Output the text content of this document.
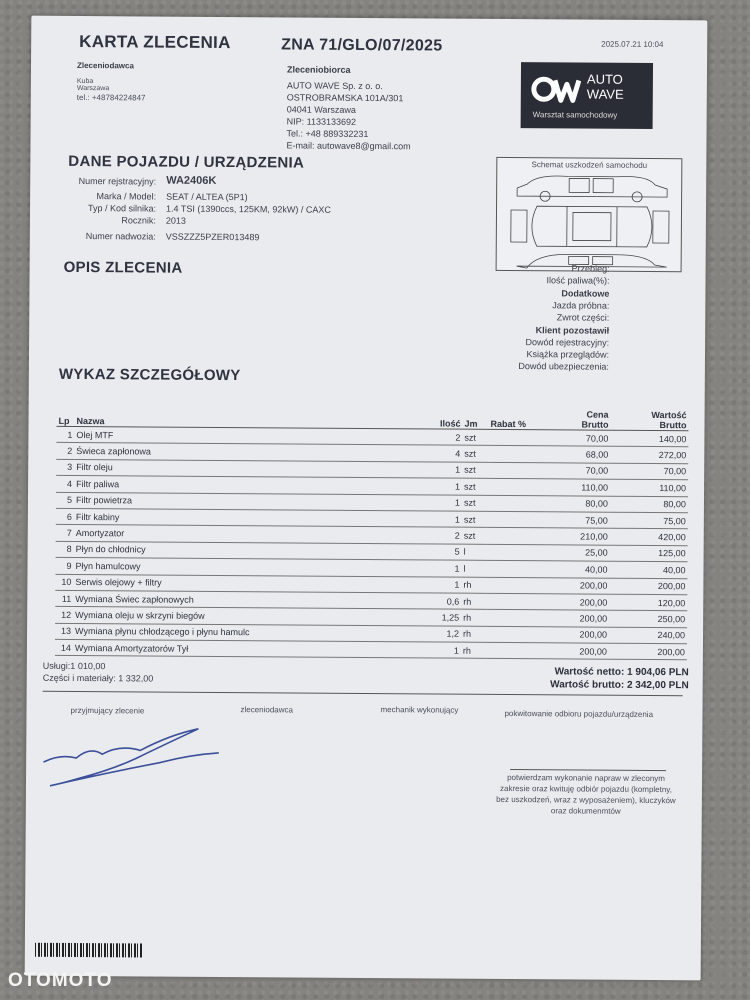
KARTA ZLECENIA	ZNA 71/GLO/07/2025	2025.07.21 10:04
Zleceniodawca
Kuba
Warszawa
tel.: +48784224847
Zleceniobiorca
AUTO WAVE Sp. z o. o.
OSTROBRAMSKA 101A/301
04041 Warszawa
NIP: 1133133692
Tel.: +48 889332231
E-mail: autowave8@gmail.com
AUTO
WAVE
Warsztat samochodowy
DANE POJAZDU / URZĄDZENIA
Numer rejstracyjny: WA2406K
Marka / Model: SEAT / ALTEA (5P1)
Typ / Kod silnika: 1.4 TSI (1390ccs, 125KM, 92kW) / CAXC
Rocznik: 2013
Numer nadwozia: VSSZZZ5PZER013489
Schemat uszkodzeń samochodu
OPIS ZLECENIA	Przebieg:
Ilość paliwa(%):
Dodatkowe
Jazda próbna:
Zwrot części:
Klient pozostawił
Dowód rejestracyjny:
Książka przeglądów:
Dowód ubezpieczenia:
WYKAZ SZCZEGÓŁOWY
Lp	Nazwa	Ilość	Jm	Rabat %	Cena
Brutto	Wartość
Brutto
1	Olej MTF	2	szt		70,00	140,00
2	Świeca zapłonowa	4	szt		68,00	272,00
3	Filtr oleju	1	szt		70,00	70,00
4	Filtr paliwa	1	szt		110,00	110,00
5	Filtr powietrza	1	szt		80,00	80,00
6	Filtr kabiny	1	szt		75,00	75,00
7	Amortyzator	2	szt		210,00	420,00
8	Płyn do chłodnicy	5	l		25,00	125,00
9	Płyn hamulcowy	1	l		40,00	40,00
10	Serwis olejowy + filtry	1	rh		200,00	200,00
11	Wymiana Świec zapłonowych	0,6	rh		200,00	120,00
12	Wymiana oleju w skrzyni biegów	1,25	rh		200,00	250,00
13	Wymiana płynu chłodzącego i płynu hamulc	1,2	rh		200,00	240,00
14	Wymiana Amortyzatorów Tył	1	rh		200,00	200,00
Usługi:1 010,00
Części i materiały: 1 332,00	Wartość netto: 1 904,06 PLN
Wartość brutto: 2 342,00 PLN
przyjmujący zlecenie	zleceniodawca	mechanik wykonujący	pokwitowanie odbioru pojazdu/urządzenia
potwierdzam wykonanie napraw w zleconym
zakresie oraz kwituję odbiór pojazdu (kompletny,
bez uszkodzeń, wraz z wyposażeniem), kluczyków
oraz dokumenmtów
OTOMOTO
